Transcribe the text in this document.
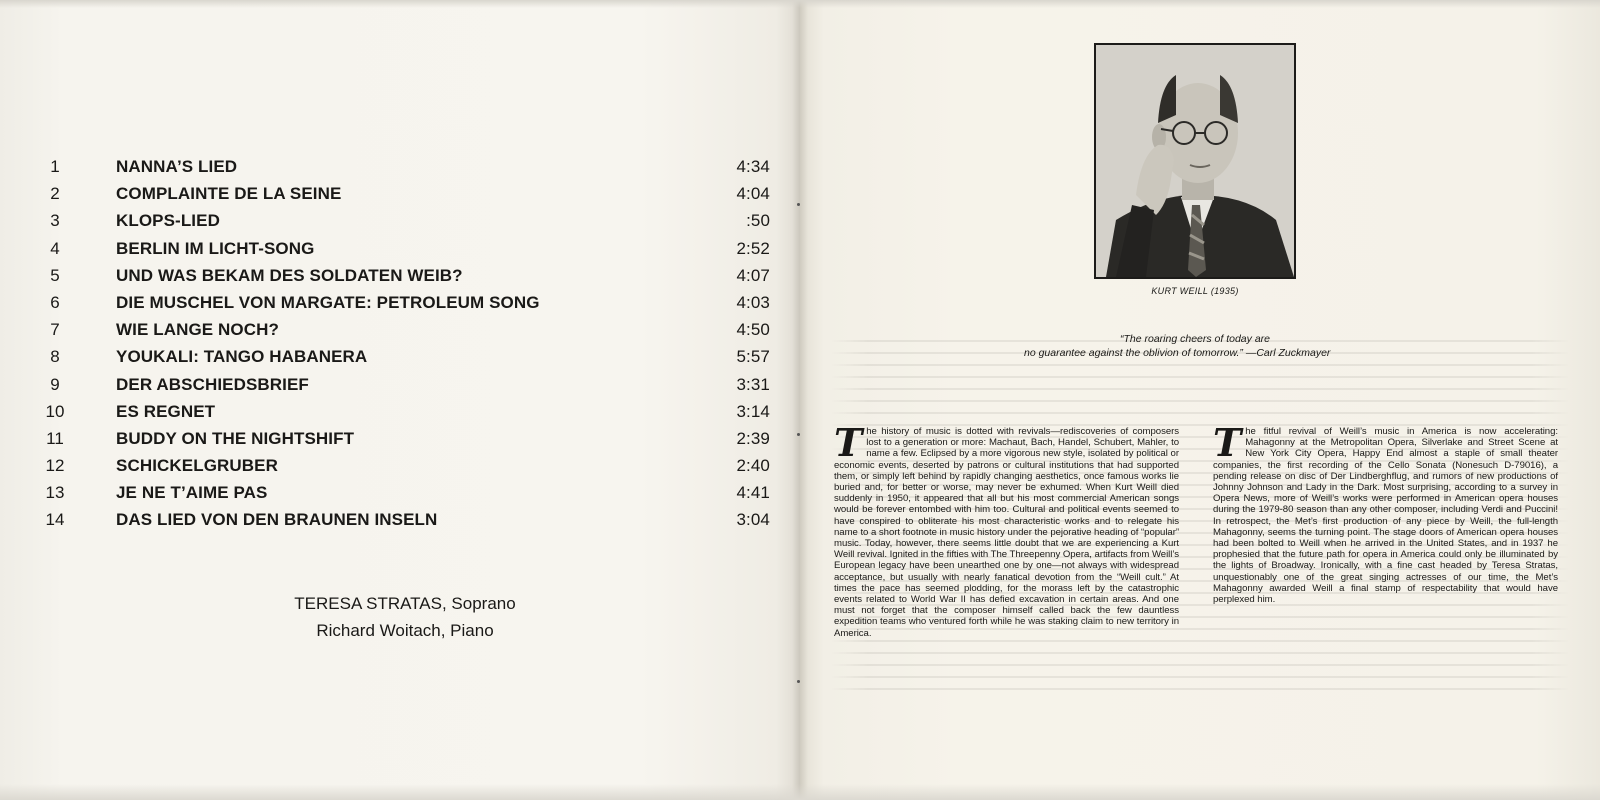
1	NANNA’S LIED	4:34
2	COMPLAINTE DE LA SEINE	4:04
3	KLOPS-LIED	:50
4	BERLIN IM LICHT-SONG	2:52
5	UND WAS BEKAM DES SOLDATEN WEIB?	4:07
6	DIE MUSCHEL VON MARGATE: PETROLEUM SONG	4:03
7	WIE LANGE NOCH?	4:50
8	YOUKALI: TANGO HABANERA	5:57
9	DER ABSCHIEDSBRIEF	3:31
10	ES REGNET	3:14
11	BUDDY ON THE NIGHTSHIFT	2:39
12	SCHICKELGRUBER	2:40
13	JE NE T’AIME PAS	4:41
14	DAS LIED VON DEN BRAUNEN INSELN	3:04
TERESA STRATAS, Soprano
Richard Woitach, Piano
KURT WEILL (1935)
“The roaring cheers of today are
no guarantee against the oblivion of tomorrow.” —Carl Zuckmayer

The history of music is dotted with revivals—rediscoveries of composers lost to a generation or more: Machaut, Bach, Handel, Schubert, Mahler, to name a few. Eclipsed by a more vigorous new style, isolated by political or economic events, deserted by patrons or cultural institutions that had supported them, or simply left behind by rapidly changing aesthetics, once famous works lie buried and, for better or worse, may never be exhumed. When Kurt Weill died suddenly in 1950, it appeared that all but his most commercial American songs would be forever entombed with him too. Cultural and political events seemed to have conspired to obliterate his most characteristic works and to relegate his name to a short footnote in music history under the pejorative heading of “popular” music. Today, however, there seems little doubt that we are experiencing a Kurt Weill revival. Ignited in the fifties with The Threepenny Opera, artifacts from Weill’s European legacy have been unearthed one by one—not always with widespread acceptance, but usually with nearly fanatical devotion from the “Weill cult.” At times the pace has seemed plodding, for the morass left by the catastrophic events related to World War II has defied excavation in certain areas. And one must not forget that the composer himself called back the few dauntless expedition teams who ventured forth while he was staking claim to new territory in America.

The fitful revival of Weill’s music in America is now accelerating: Mahagonny at the Metropolitan Opera, Silverlake and Street Scene at New York City Opera, Happy End almost a staple of small theater companies, the first recording of the Cello Sonata (Nonesuch D-79016), a pending release on disc of Der Lindberghflug, and rumors of new productions of Johnny Johnson and Lady in the Dark. Most surprising, according to a survey in Opera News, more of Weill’s works were performed in American opera houses during the 1979-80 season than any other composer, including Verdi and Puccini! In retrospect, the Met’s first production of any piece by Weill, the full-length Mahagonny, seems the turning point. The stage doors of American opera houses had been bolted to Weill when he arrived in the United States, and in 1937 he prophesied that the future path for opera in America could only be illuminated by the lights of Broadway. Ironically, with a fine cast headed by Teresa Stratas, unquestionably one of the great singing actresses of our time, the Met’s Mahagonny awarded Weill a final stamp of respectability that would have perplexed him.
